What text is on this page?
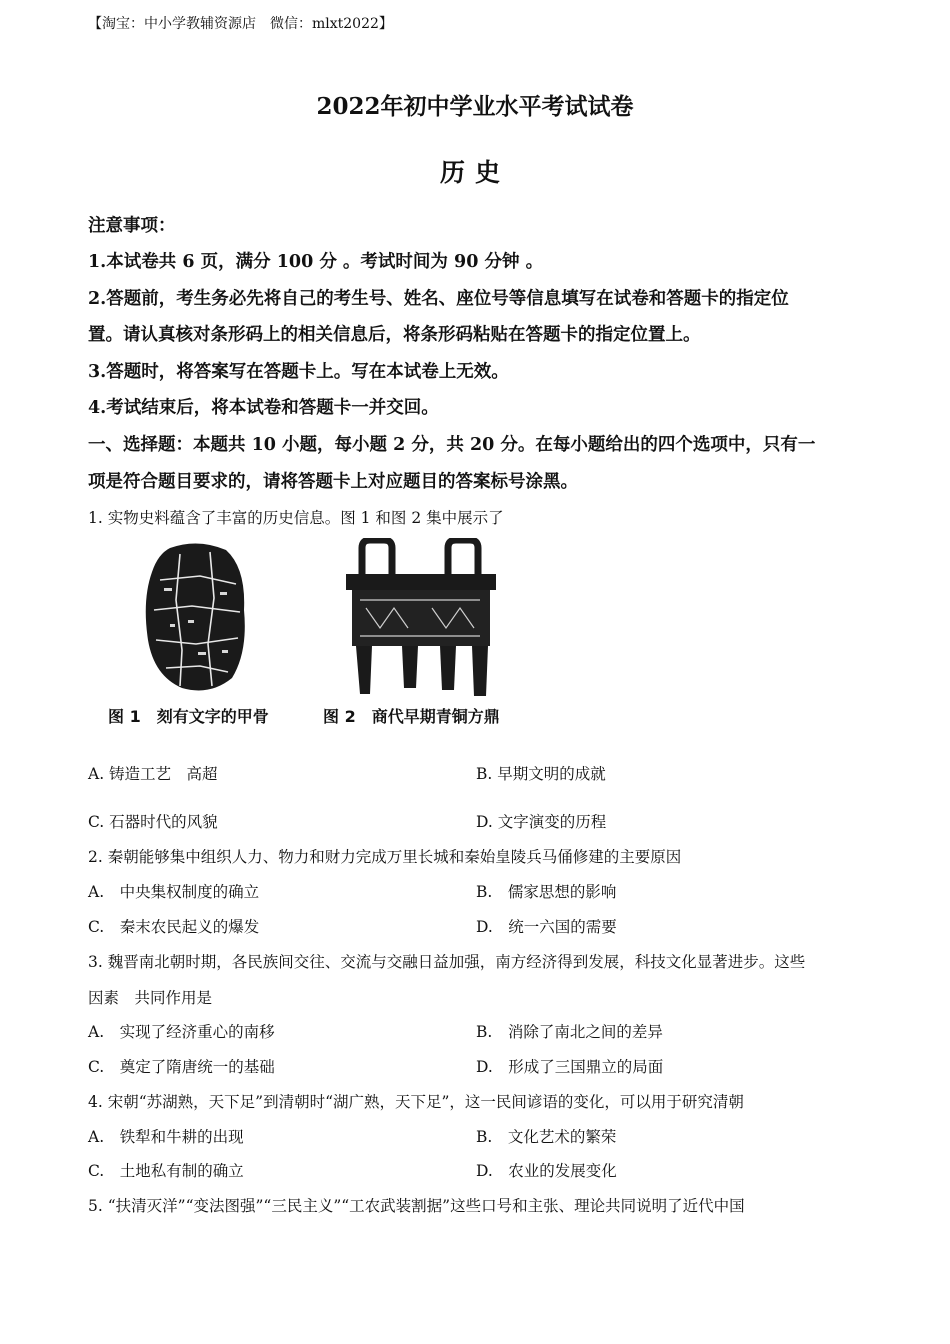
【淘宝：中小学教辅资源店　微信：mlxt2022】
2022年初中学业水平考试试卷
历史
注意事项：
1.本试卷共 6 页，满分 100 分 。考试时间为 90 分钟 。
2.答题前，考生务必先将自己的考生号、姓名、座位号等信息填写在试卷和答题卡的指定位
置。请认真核对条形码上的相关信息后，将条形码粘贴在答题卡的指定位置上。
3.答题时，将答案写在答题卡上。写在本试卷上无效。
4.考试结束后，将本试卷和答题卡一并交回。
一、选择题：本题共 10 小题，每小题 2 分，共 20 分。在每小题给出的四个选项中，只有一
项是符合题目要求的，请将答题卡上对应题目的答案标号涂黑。
1. 实物史料蕴含了丰富的历史信息。图 1 和图 2 集中展示了
图 1　刻有文字的甲骨	图 2　商代早期青铜方鼎
A. 铸造工艺　高超	B. 早期文明的成就
C. 石器时代的风貌	D. 文字演变的历程
2. 秦朝能够集中组织人力、物力和财力完成万里长城和秦始皇陵兵马俑修建的主要原因
A.　中央集权制度的确立	B.　儒家思想的影响
C.　秦末农民起义的爆发	D.　统一六国的需要
3. 魏晋南北朝时期，各民族间交往、交流与交融日益加强，南方经济得到发展，科技文化显著进步。这些
因素　共同作用是
A.　实现了经济重心的南移	B.　消除了南北之间的差异
C.　奠定了隋唐统一的基础	D.　形成了三国鼎立的局面
4. 宋朝“苏湖熟，天下足”到清朝时“湖广熟，天下足”，这一民间谚语的变化，可以用于研究清朝
A.　铁犁和牛耕的出现	B.　文化艺术的繁荣
C.　土地私有制的确立	D.　农业的发展变化
5. “扶清灭洋”“变法图强”“三民主义”“工农武装割据”这些口号和主张、理论共同说明了近代中国
